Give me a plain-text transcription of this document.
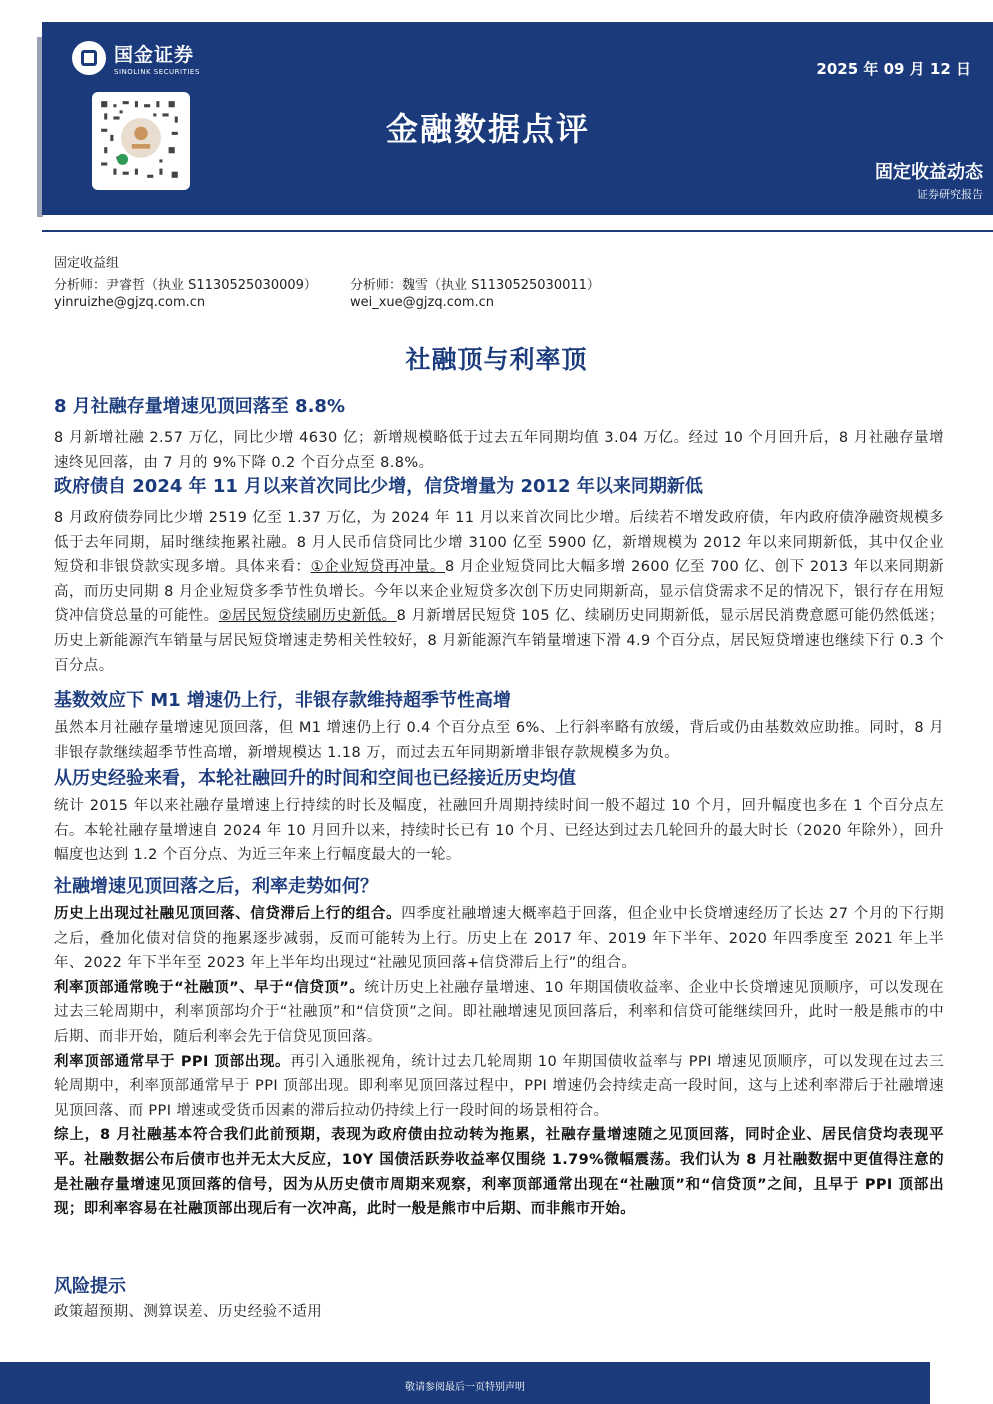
国金证券
SINOLINK SECURITIES	2025 年 09 月 12 日
金融数据点评
固定收益动态
证券研究报告
固定收益组
分析师：尹睿哲（执业 S1130525030009）	分析师：魏雪（执业 S1130525030011）
yinruizhe@gjzq.com.cn	wei_xue@gjzq.com.cn
社融顶与利率顶
8 月社融存量增速见顶回落至 8.8%

8 月新增社融 2.57 万亿，同比少增 4630 亿；新增规模略低于过去五年同期均值 3.04 万亿。经过 10 个月回升后，8 月社融存量增速终见回落，由 7 月的 9%下降 0.2 个百分点至 8.8%。

政府债自 2024 年 11 月以来首次同比少增，信贷增量为 2012 年以来同期新低

8 月政府债券同比少增 2519 亿至 1.37 万亿，为 2024 年 11 月以来首次同比少增。后续若不增发政府债，年内政府债净融资规模多低于去年同期，届时继续拖累社融。8 月人民币信贷同比少增 3100 亿至 5900 亿，新增规模为 2012 年以来同期新低，其中仅企业短贷和非银贷款实现多增。具体来看：①企业短贷再冲量。8 月企业短贷同比大幅多增 2600 亿至 700 亿、创下 2013 年以来同期新高，而历史同期 8 月企业短贷多季节性负增长。今年以来企业短贷多次创下历史同期新高，显示信贷需求不足的情况下，银行存在用短贷冲信贷总量的可能性。②居民短贷续刷历史新低。8 月新增居民短贷 105 亿、续刷历史同期新低，显示居民消费意愿可能仍然低迷；历史上新能源汽车销量与居民短贷增速走势相关性较好，8 月新能源汽车销量增速下滑 4.9 个百分点，居民短贷增速也继续下行 0.3 个百分点。

基数效应下 M1 增速仍上行，非银存款维持超季节性高增

虽然本月社融存量增速见顶回落，但 M1 增速仍上行 0.4 个百分点至 6%、上行斜率略有放缓，背后或仍由基数效应助推。同时，8 月非银存款继续超季节性高增，新增规模达 1.18 万，而过去五年同期新增非银存款规模多为负。

从历史经验来看，本轮社融回升的时间和空间也已经接近历史均值

统计 2015 年以来社融存量增速上行持续的时长及幅度，社融回升周期持续时间一般不超过 10 个月，回升幅度也多在 1 个百分点左右。本轮社融存量增速自 2024 年 10 月回升以来，持续时长已有 10 个月、已经达到过去几轮回升的最大时长（2020 年除外），回升幅度也达到 1.2 个百分点、为近三年来上行幅度最大的一轮。

社融增速见顶回落之后，利率走势如何？

历史上出现过社融见顶回落、信贷滞后上行的组合。四季度社融增速大概率趋于回落，但企业中长贷增速经历了长达 27 个月的下行期之后，叠加化债对信贷的拖累逐步减弱，反而可能转为上行。历史上在 2017 年、2019 年下半年、2020 年四季度至 2021 年上半年、2022 年下半年至 2023 年上半年均出现过“社融见顶回落+信贷滞后上行”的组合。

利率顶部通常晚于“社融顶”、早于“信贷顶”。统计历史上社融存量增速、10 年期国债收益率、企业中长贷增速见顶顺序，可以发现在过去三轮周期中，利率顶部均介于“社融顶”和“信贷顶”之间。即社融增速见顶回落后，利率和信贷可能继续回升，此时一般是熊市的中后期、而非开始，随后利率会先于信贷见顶回落。

利率顶部通常早于 PPI 顶部出现。再引入通胀视角，统计过去几轮周期 10 年期国债收益率与 PPI 增速见顶顺序，可以发现在过去三轮周期中，利率顶部通常早于 PPI 顶部出现。即利率见顶回落过程中，PPI 增速仍会持续走高一段时间，这与上述利率滞后于社融增速见顶回落、而 PPI 增速或受货币因素的滞后拉动仍持续上行一段时间的场景相符合。

综上，8 月社融基本符合我们此前预期，表现为政府债由拉动转为拖累，社融存量增速随之见顶回落，同时企业、居民信贷均表现平平。社融数据公布后债市也并无太大反应，10Y 国债活跃券收益率仅围绕 1.79%微幅震荡。我们认为 8 月社融数据中更值得注意的是社融存量增速见顶回落的信号，因为从历史债市周期来观察，利率顶部通常出现在“社融顶”和“信贷顶”之间，且早于 PPI 顶部出现；即利率容易在社融顶部出现后有一次冲高，此时一般是熊市中后期、而非熊市开始。

风险提示

政策超预期、测算误差、历史经验不适用

敬请参阅最后一页特别声明
